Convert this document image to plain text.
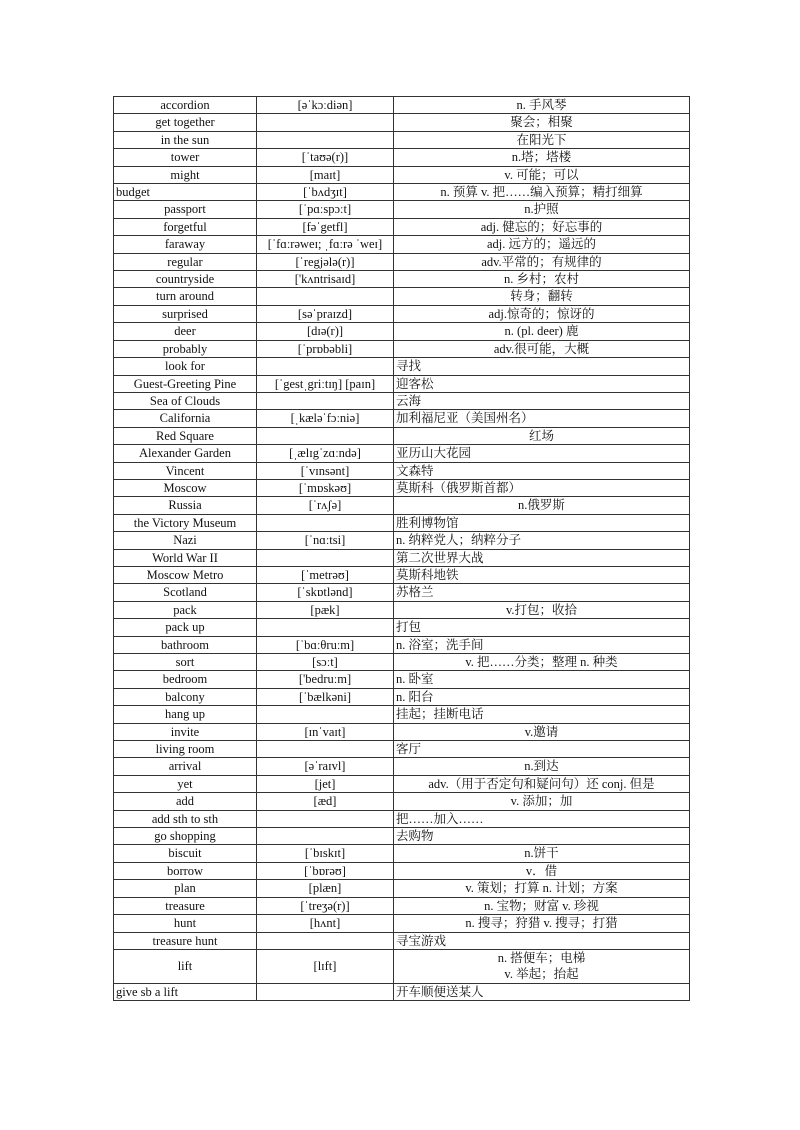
accordion	[əˈkɔːdiən]	n. 手风琴

get together		聚会；相聚

in the sun		在阳光下

tower	[ˈtaʊə(r)]	n.塔；塔楼

might	[maɪt]	v. 可能；可以

budget	[ˈbʌdʒɪt]	n. 预算 v. 把……编入预算；精打细算

passport	[ˈpɑːspɔːt]	n.护照

forgetful	[fəˈgetfl]	adj. 健忘的；好忘事的

faraway	[ˈfɑːrəweɪ; ˌfɑːrə ˈweɪ]	adj. 远方的；遥远的

regular	[ˈregjələ(r)]	adv.平常的；有规律的

countryside	['kʌntrisaɪd]	n. 乡村；农村

turn around		转身；翻转

surprised	[səˈpraɪzd]	adj.惊奇的；惊讶的

deer	[dɪə(r)]	n. (pl. deer) 鹿

probably	[ˈprɒbəbli]	adv.很可能，大概

look for		寻找

Guest-Greeting Pine	[ˈgestˌgriːtɪŋ] [paɪn]	迎客松

Sea of Clouds		云海

California	[ˌkæləˈfɔːniə]	加利福尼亚（美国州名）

Red Square		红场

Alexander Garden	[ˌælɪgˈzɑːndə]	亚历山大花园

Vincent	[ˈvɪnsənt]	文森特

Moscow	[ˈmɒskəʊ]	莫斯科（俄罗斯首都）

Russia	[ˈrʌʃə]	n.俄罗斯

the Victory Museum		胜利博物馆

Nazi	[ˈnɑːtsi]	n. 纳粹党人；纳粹分子

World War II		第二次世界大战

Moscow Metro	[ˈmetrəʊ]	莫斯科地铁

Scotland	[ˈskɒtlənd]	苏格兰

pack	[pæk]	v.打包；收拾

pack up		打包

bathroom	[ˈbɑːθruːm]	n. 浴室；洗手间

sort	[sɔːt]	v. 把……分类；整理 n. 种类

bedroom	['bedruːm]	n. 卧室

balcony	[ˈbælkəni]	n. 阳台

hang up		挂起；挂断电话

invite	[ɪnˈvaɪt]	v.邀请

living room		客厅

arrival	[əˈraɪvl]	n.到达

yet	[jet]	adv.（用于否定句和疑问句）还 conj. 但是

add	[æd]	v. 添加；加

add sth to sth		把……加入……

go shopping		去购物

biscuit	[ˈbɪskɪt]	n.饼干

borrow	[ˈbɒrəʊ]	v．借

plan	[plæn]	v. 策划；打算 n. 计划；方案

treasure	[ˈtreʒə(r)]	n. 宝物；财富 v. 珍视

hunt	[hʌnt]	n. 搜寻；狩猎 v. 搜寻；打猎

treasure hunt		寻宝游戏

lift	[lɪft]	n. 搭便车；电梯
v. 举起；抬起

give sb a lift		开车顺便送某人
